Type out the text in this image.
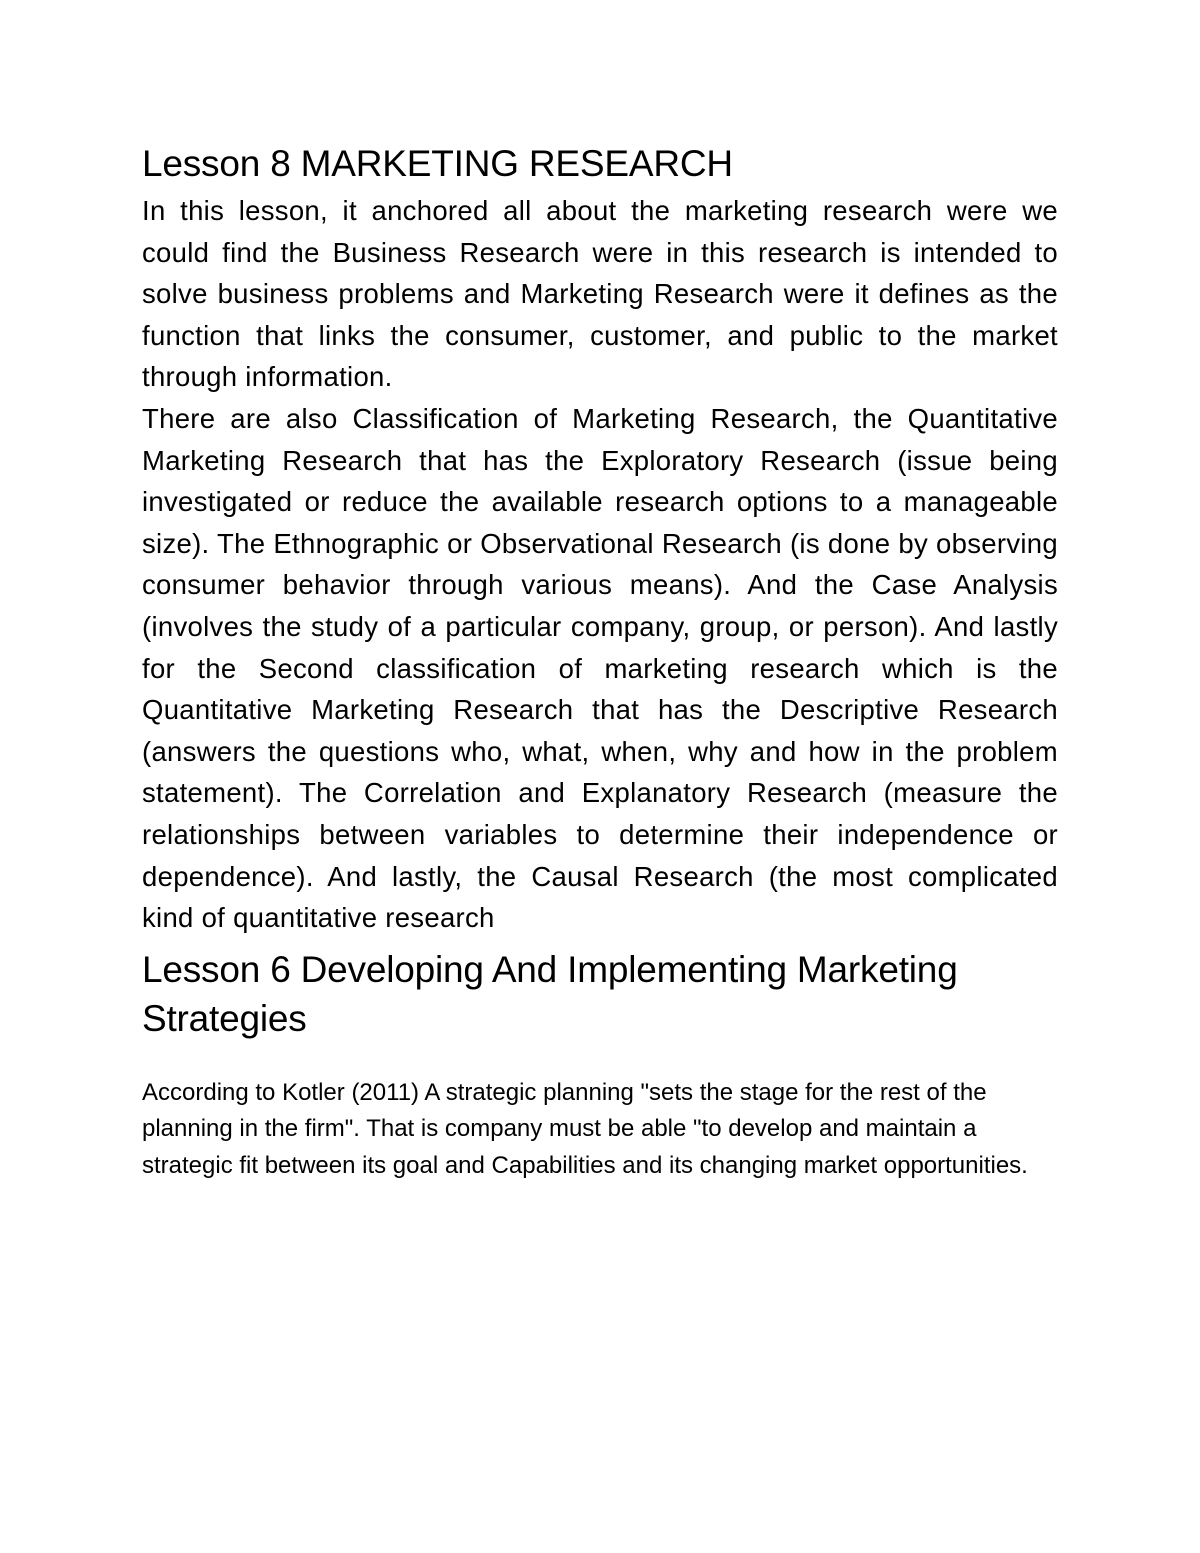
Lesson 8 MARKETING RESEARCH

In this lesson, it anchored all about the marketing research were we could find the Business Research were in this research is intended to solve business problems and Marketing Research were it defines as the function that links the consumer, customer, and public to the market through information.

There are also Classification of Marketing Research, the Quantitative Marketing Research that has the Exploratory Research (issue being investigated or reduce the available research options to a manageable size). The Ethnographic or Observational Research (is done by observing consumer behavior through various means). And the Case Analysis (involves the study of a particular company, group, or person). And lastly for the Second classification of marketing research which is the Quantitative Marketing Research that has the Descriptive Research (answers the questions who, what, when, why and how in the problem statement). The Correlation and Explanatory Research (measure the relationships between variables to determine their independence or dependence). And lastly, the Causal Research (the most complicated kind of quantitative research

Lesson 6 Developing And Implementing Marketing Strategies

According to Kotler (2011) A strategic planning "sets the stage for the rest of the planning in the firm". That is company must be able "to develop and maintain a strategic fit between its goal and Capabilities and its changing market opportunities.
